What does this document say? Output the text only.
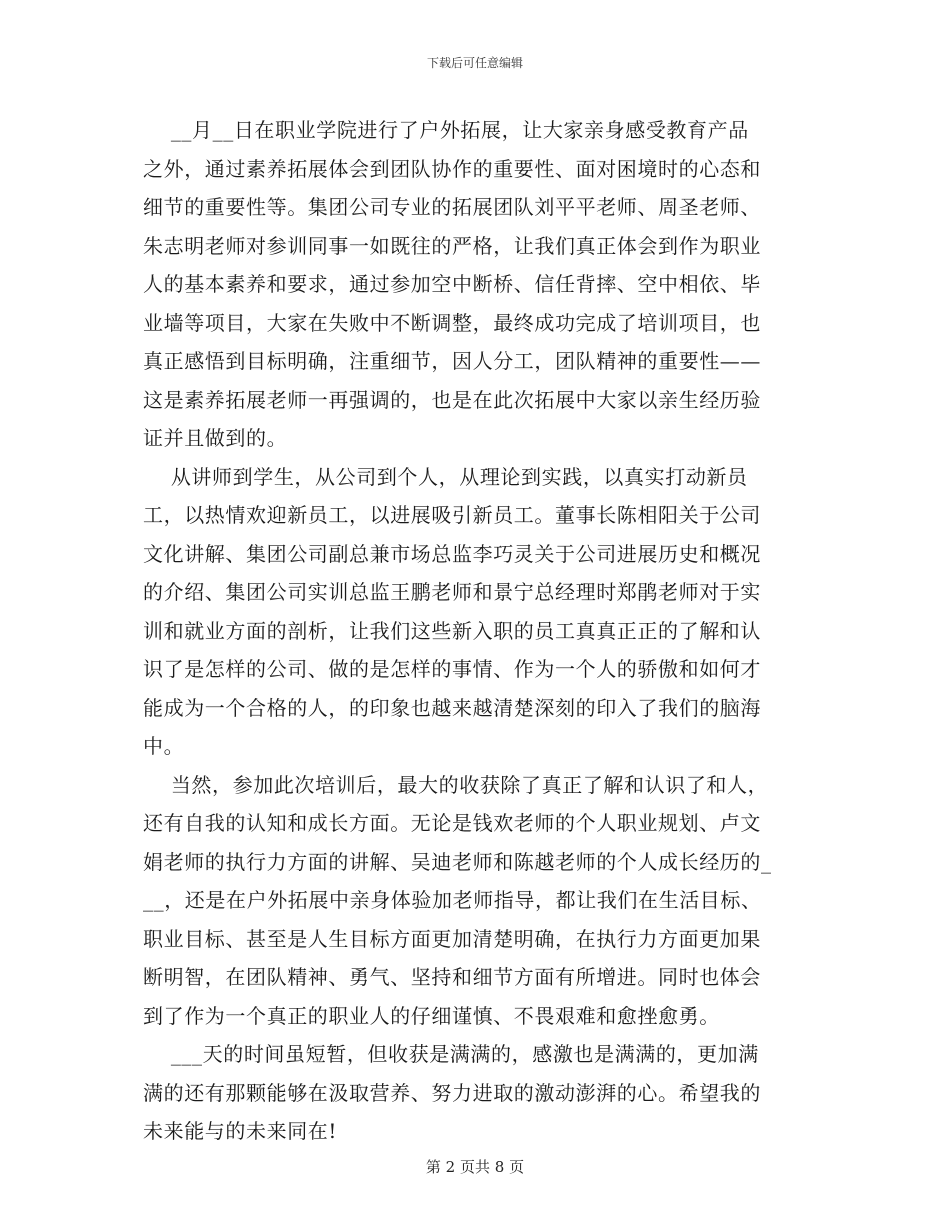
下载后可任意编辑
__月__日在职业学院进行了户外拓展，让大家亲身感受教育产品
之外，通过素养拓展体会到团队协作的重要性、面对困境时的心态和
细节的重要性等。集团公司专业的拓展团队刘平平老师、周圣老师、
朱志明老师对参训同事一如既往的严格，让我们真正体会到作为职业
人的基本素养和要求，通过参加空中断桥、信任背摔、空中相依、毕
业墙等项目，大家在失败中不断调整，最终成功完成了培训项目，也
真正感悟到目标明确，注重细节，因人分工，团队精神的重要性——
这是素养拓展老师一再强调的，也是在此次拓展中大家以亲生经历验
证并且做到的。
从讲师到学生，从公司到个人，从理论到实践，以真实打动新员
工，以热情欢迎新员工，以进展吸引新员工。董事长陈相阳关于公司
文化讲解、集团公司副总兼市场总监李巧灵关于公司进展历史和概况
的介绍、集团公司实训总监王鹏老师和景宁总经理时郑鹃老师对于实
训和就业方面的剖析，让我们这些新入职的员工真真正正的了解和认
识了是怎样的公司、做的是怎样的事情、作为一个人的骄傲和如何才
能成为一个合格的人，的印象也越来越清楚深刻的印入了我们的脑海
中。
当然，参加此次培训后，最大的收获除了真正了解和认识了和人，
还有自我的认知和成长方面。无论是钱欢老师的个人职业规划、卢文
娟老师的执行力方面的讲解、吴迪老师和陈越老师的个人成长经历的_
__，还是在户外拓展中亲身体验加老师指导，都让我们在生活目标、
职业目标、甚至是人生目标方面更加清楚明确，在执行力方面更加果
断明智，在团队精神、勇气、坚持和细节方面有所增进。同时也体会
到了作为一个真正的职业人的仔细谨慎、不畏艰难和愈挫愈勇。
___天的时间虽短暂，但收获是满满的，感激也是满满的，更加满
满的还有那颗能够在汲取营养、努力进取的激动澎湃的心。希望我的
未来能与的未来同在!
第 2 页共 8 页
